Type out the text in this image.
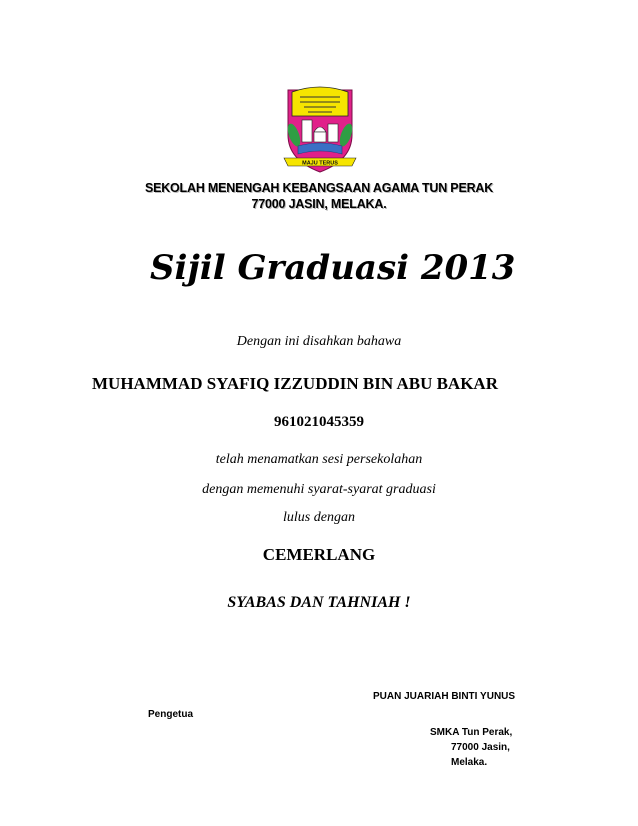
MAJU TERUS
SEKOLAH MENENGAH KEBANGSAAN AGAMA TUN PERAK
77000 JASIN, MELAKA.
Sijil Graduasi 2013
Dengan ini disahkan bahawa
MUHAMMAD SYAFIQ IZZUDDIN BIN ABU BAKAR
961021045359
telah menamatkan sesi persekolahan
dengan memenuhi syarat-syarat graduasi
lulus dengan
CEMERLANG
SYABAS DAN TAHNIAH !
PUAN JUARIAH BINTI YUNUS
Pengetua
SMKA Tun Perak,
77000 Jasin,
Melaka.
